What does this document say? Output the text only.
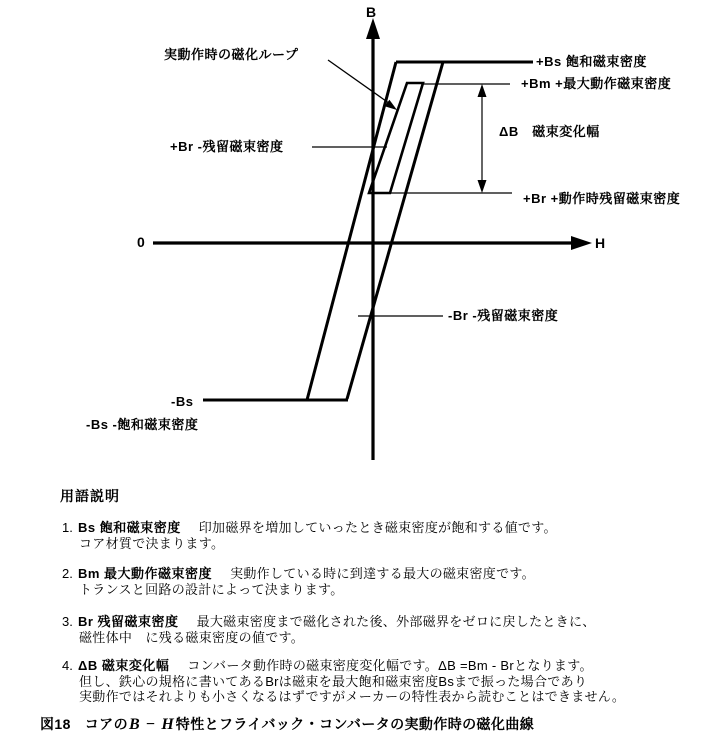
B
H
0
実動作時の磁化ループ	+Bs 飽和磁束密度
+Bm +最大動作磁束密度
ΔB　磁束変化幅
+Br -残留磁束密度
+Br +動作時残留磁束密度
-Br -残留磁束密度
-Bs
-Bs -飽和磁束密度
用語説明
1. Bs 飽和磁束密度 印加磁界を増加していったとき磁束密度が飽和する値です。
コア材質で決まります。
2. Bm 最大動作磁束密度 実動作している時に到達する最大の磁束密度です。
トランスと回路の設計によって決まります。
3. Br 残留磁束密度 最大磁束密度まで磁化された後、外部磁界をゼロに戻したときに、
磁性体中　に残る磁束密度の値です。
4. ΔB 磁束変化幅 コンバータ動作時の磁束密度変化幅です。ΔB =Bm - Brとなります。
但し、鉄心の規格に書いてあるBrは磁束を最大飽和磁束密度Bsまで振った場合であり
実動作ではそれよりも小さくなるはずですがメーカーの特性表から読むことはできません。
図18 コアのB − H特性とフライバック・コンバータの実動作時の磁化曲線
